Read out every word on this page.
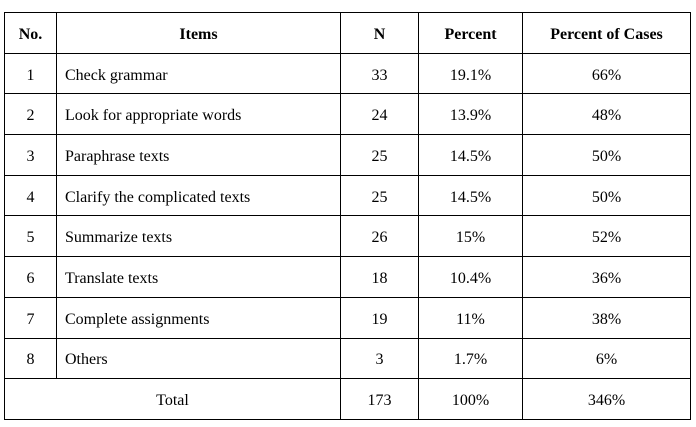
No.	Items	N	Percent	Percent of Cases
1	Check grammar	33	19.1%	66%
2	Look for appropriate words	24	13.9%	48%
3	Paraphrase texts	25	14.5%	50%
4	Clarify the complicated texts	25	14.5%	50%
5	Summarize texts	26	15%	52%
6	Translate texts	18	10.4%	36%
7	Complete assignments	19	11%	38%
8	Others	3	1.7%	6%
Total		173	100%	346%
